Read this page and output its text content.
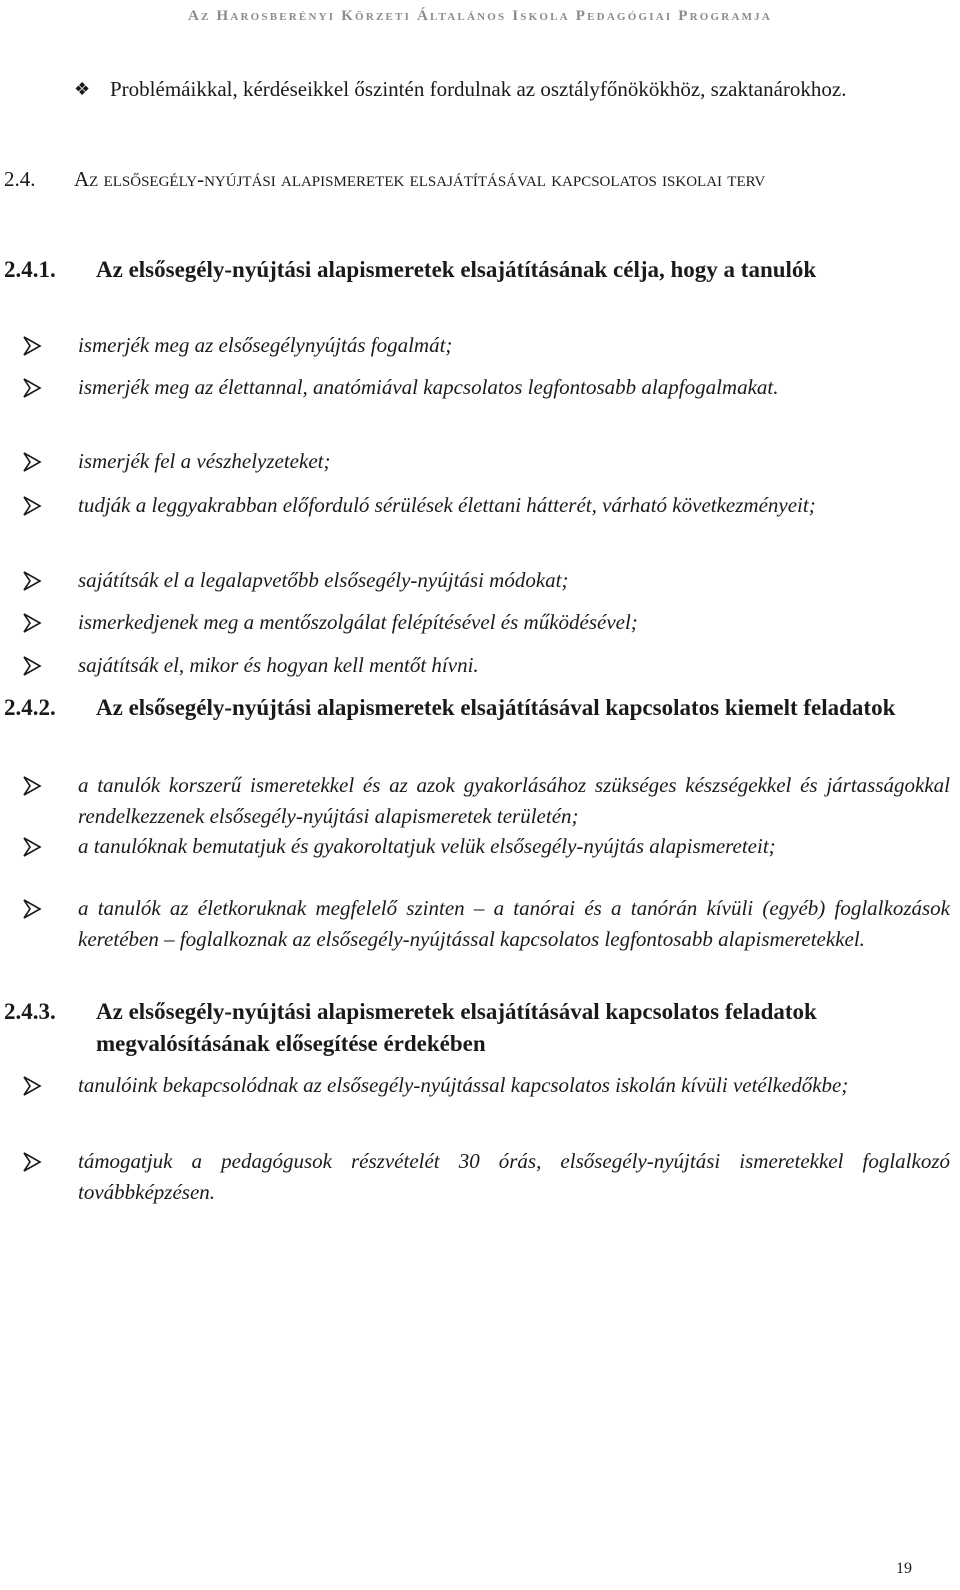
Az Harosberényi Körzeti Általános Iskola Pedagógiai Programja
❖ Problémáikkal, kérdéseikkel őszintén fordulnak az osztályfőnökökhöz, szaktanárokhoz.
2.4.	Az elsősegély-nyújtási alapismeretek elsajátításával kapcsolatos iskolai terv
2.4.1.	Az elsősegély-nyújtási alapismeretek elsajátításának célja, hogy a tanulók
ismerjék meg az elsősegélynyújtás fogalmát;
ismerjék meg az élettannal, anatómiával kapcsolatos legfontosabb alapfogalmakat.
ismerjék fel a vészhelyzeteket;
tudják a leggyakrabban előforduló sérülések élettani hátterét, várható következményeit;
sajátítsák el a legalapvetőbb elsősegély-nyújtási módokat;
ismerkedjenek meg a mentőszolgálat felépítésével és működésével;
sajátítsák el, mikor és hogyan kell mentőt hívni.
2.4.2.	Az elsősegély-nyújtási alapismeretek elsajátításával kapcsolatos kiemelt feladatok
a tanulók korszerű ismeretekkel és az azok gyakorlásához szükséges készségekkel és jártasságokkal rendelkezzenek elsősegély-nyújtási alapismeretek területén;
a tanulóknak bemutatjuk és gyakoroltatjuk velük elsősegély-nyújtás alapismereteit;
a tanulók az életkoruknak megfelelő szinten – a tanórai és a tanórán kívüli (egyéb) foglalkozások keretében – foglalkoznak az elsősegély-nyújtással kapcsolatos legfontosabb alapismeretekkel.
2.4.3.	Az elsősegély-nyújtási alapismeretek elsajátításával kapcsolatos feladatok megvalósításának elősegítése érdekében
tanulóink bekapcsolódnak az elsősegély-nyújtással kapcsolatos iskolán kívüli vetélkedőkbe;
támogatjuk a pedagógusok részvételét 30 órás, elsősegély-nyújtási ismeretekkel foglalkozó továbbképzésen.
19
